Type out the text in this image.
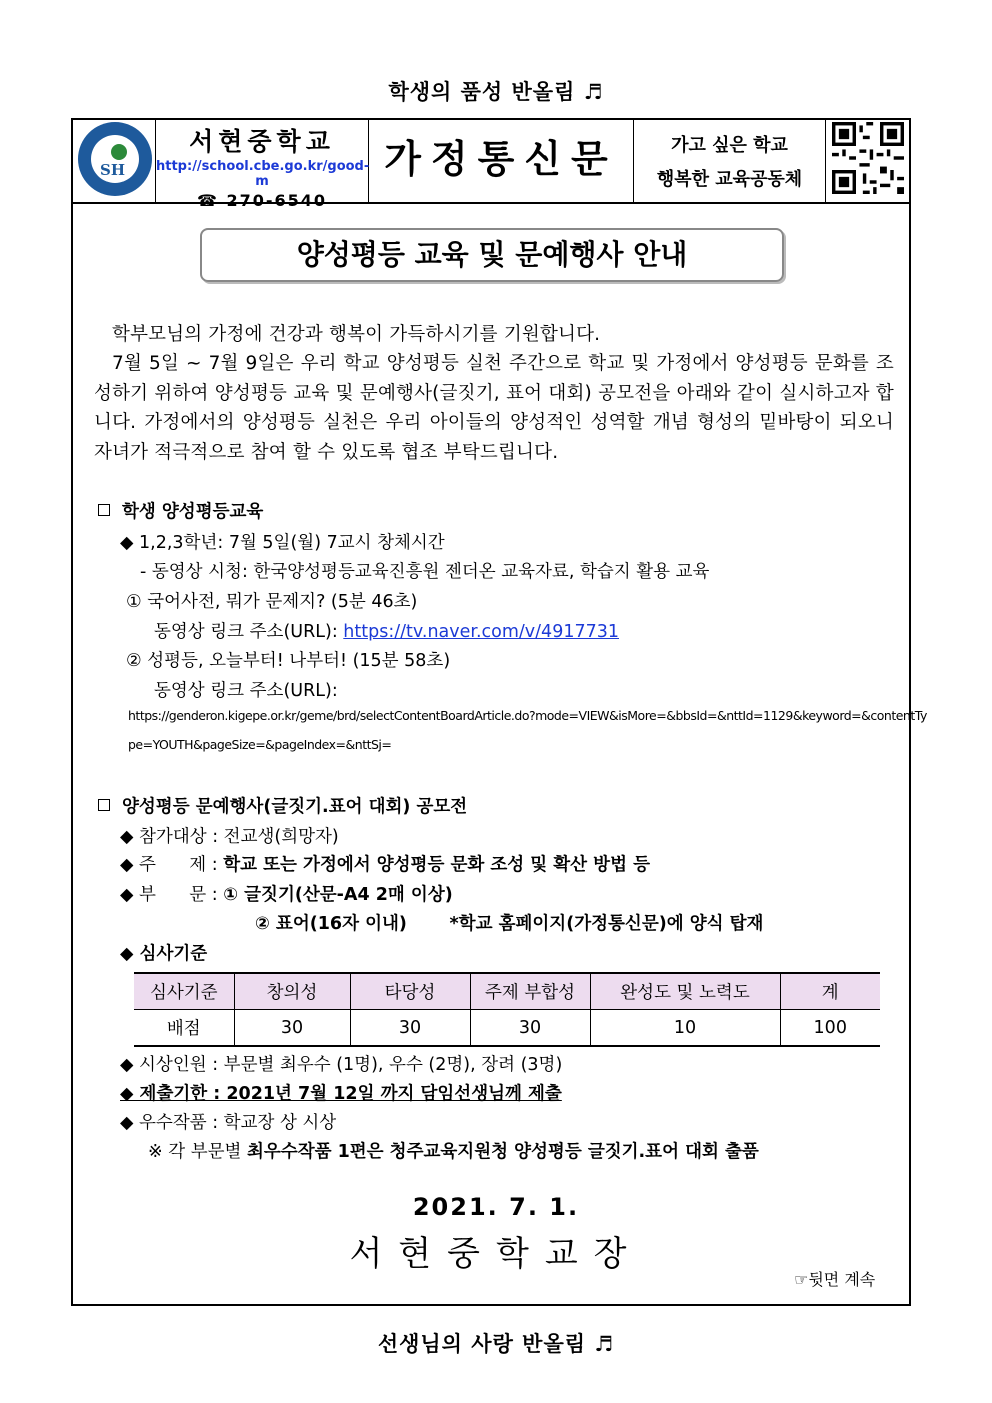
학생의 품성 반올림 ♬
SH
서현중학교
http://school.cbe.go.kr/good-m
☎ 270-6540
가정통신문	가고 싶은 학교
행복한 교육공동체
양성평등 교육 및 문예행사 안내
학부모님의 가정에 건강과 행복이 가득하시기를 기원합니다.
7월 5일 ~ 7월 9일은 우리 학교 양성평등 실천 주간으로 학교 및 가정에서 양성평등 문화를 조성하기 위하여 양성평등 교육 및 문예행사(글짓기, 표어 대회) 공모전을 아래와 같이 실시하고자 합니다. 가정에서의 양성평등 실천은 우리 아이들의 양성적인 성역할 개념 형성의 밑바탕이 되오니 자녀가 적극적으로 참여 할 수 있도록 협조 부탁드립니다.
학생 양성평등교육
◆ 1,2,3학년: 7월 5일(월) 7교시 창체시간
- 동영상 시청: 한국양성평등교육진흥원 젠더온 교육자료, 학습지 활용 교육
① 국어사전, 뭐가 문제지? (5분 46초)
동영상 링크 주소(URL): https://tv.naver.com/v/4917731
② 성평등, 오늘부터! 나부터! (15분 58초)
동영상 링크 주소(URL):
https://genderon.kigepe.or.kr/geme/brd/selectContentBoardArticle.do?mode=VIEW&isMore=&bbsId=&nttId=1129&keyword=&contentTy
pe=YOUTH&pageSize=&pageIndex=&nttSj=
양성평등 문예행사(글짓기.표어 대회) 공모전
◆ 참가대상 : 전교생(희망자)
◆ 주      제 : 학교 또는 가정에서 양성평등 문화 조성 및 확산 방법 등
◆ 부      문 : ① 글짓기(산문-A4 2매 이상)
② 표어(16자 이내)       *학교 홈페이지(가정통신문)에 양식 탑재
◆ 심사기준
심사기준	창의성	타당성	주제 부합성	완성도 및 노력도	계
배점	30	30	30	10	100
◆ 시상인원 : 부문별 최우수 (1명), 우수 (2명), 장려 (3명)
◆ 제출기한 : 2021년 7월 12일 까지 담임선생님께 제출
◆ 우수작품 : 학교장 상 시상
※ 각 부문별 최우수작품 1편은 청주교육지원청 양성평등 글짓기.표어 대회 출품
2021. 7. 1.
서현중학교장
☞뒷면 계속
선생님의 사랑 반올림 ♬
